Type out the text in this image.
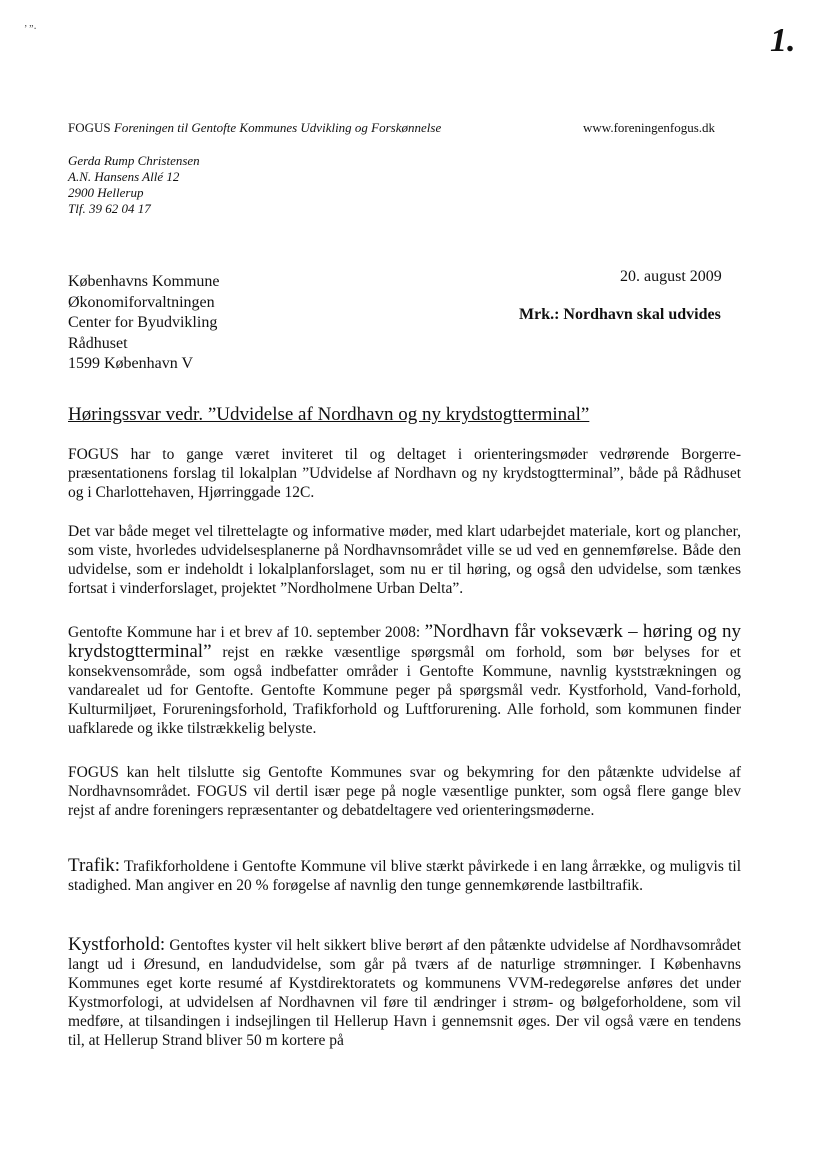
’ ”‧	1.
FOGUS Foreningen til Gentofte Kommunes Udvikling og Forskønnelse	www.foreningenfogus.dk
Gerda Rump Christensen
A.N. Hansens Allé 12
2900 Hellerup
Tlf. 39 62 04 17
Københavns Kommune
Økonomiforvaltningen
Center for Byudvikling
Rådhuset
1599 København V
20. august 2009
Mrk.: Nordhavn skal udvides
Høringssvar vedr. ”Udvidelse af Nordhavn og ny krydstogtterminal”
FOGUS har to gange været inviteret til og deltaget i orienteringsmøder vedrørende Borgerre-præsentationens forslag til lokalplan ”Udvidelse af Nordhavn og ny krydstogtterminal”, både på Rådhuset og i Charlottehaven, Hjørringgade 12C.
Det var både meget vel tilrettelagte og informative møder, med klart udarbejdet materiale, kort og plancher, som viste, hvorledes udvidelsesplanerne på Nordhavnsområdet ville se ud ved en gennemførelse. Både den udvidelse, som er indeholdt i lokalplanforslaget, som nu er til høring, og også den udvidelse, som tænkes fortsat i vinderforslaget, projektet ”Nordholmene Urban Delta”.
Gentofte Kommune har i et brev af 10. september 2008: ”Nordhavn får vokseværk – høring og ny krydstogtterminal” rejst en række væsentlige spørgsmål om forhold, som bør belyses for et konsekvensområde, som også indbefatter områder i Gentofte Kommune, navnlig kyststrækningen og vandarealet ud for Gentofte. Gentofte Kommune peger på spørgsmål vedr. Kystforhold, Vand-forhold, Kulturmiljøet, Forureningsforhold, Trafikforhold og Luftforurening. Alle forhold, som kommunen finder uafklarede og ikke tilstrækkelig belyste.
FOGUS kan helt tilslutte sig Gentofte Kommunes svar og bekymring for den påtænkte udvidelse af Nordhavnsområdet. FOGUS vil dertil især pege på nogle væsentlige punkter, som også flere gange blev rejst af andre foreningers repræsentanter og debatdeltagere ved orienteringsmøderne.
Trafik: Trafikforholdene i Gentofte Kommune vil blive stærkt påvirkede i en lang årrække, og muligvis til stadighed. Man angiver en 20 % forøgelse af navnlig den tunge gennemkørende lastbiltrafik.
Kystforhold: Gentoftes kyster vil helt sikkert blive berørt af den påtænkte udvidelse af Nordhavsområdet langt ud i Øresund, en landudvidelse, som går på tværs af de naturlige strømninger. I Københavns Kommunes eget korte resumé af Kystdirektoratets og kommunens VVM-redegørelse anføres det under Kystmorfologi, at udvidelsen af Nordhavnen vil føre til ændringer i strøm- og bølgeforholdene, som vil medføre, at tilsandingen i indsejlingen til Hellerup Havn i gennemsnit øges. Der vil også være en tendens til, at Hellerup Strand bliver 50 m kortere på
